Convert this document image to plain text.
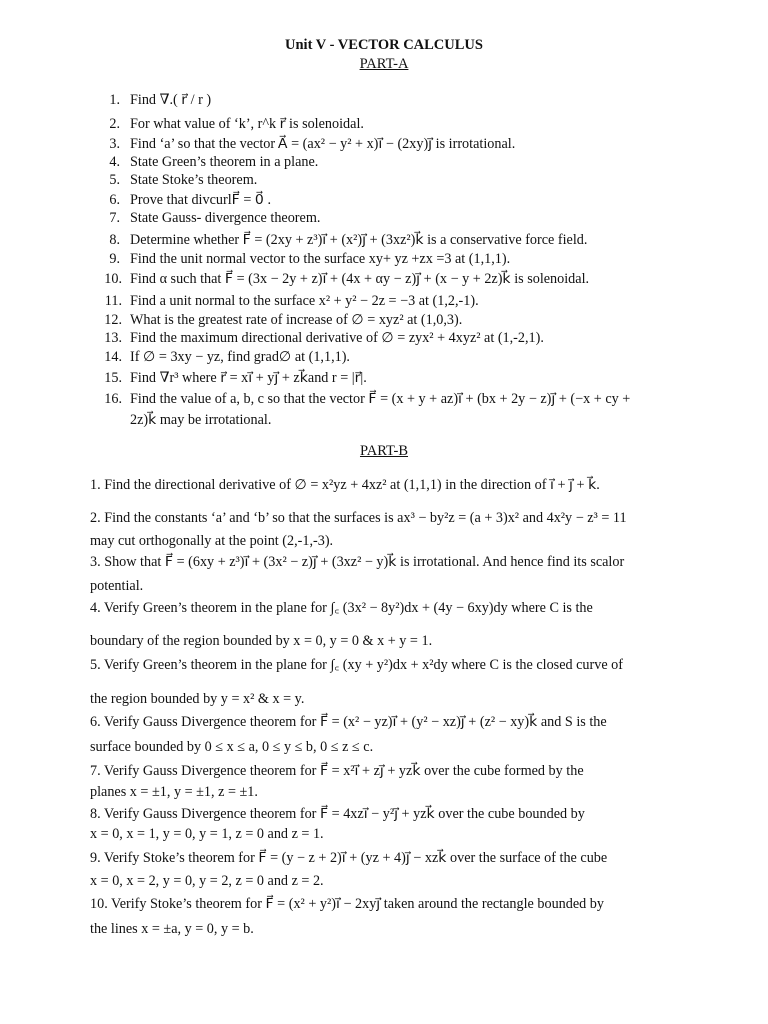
Unit V - VECTOR CALCULUS
PART-A
1. Find ∇.( r⃗ / r )
2. For what value of ‘k’, r^k r⃗ is solenoidal.
3. Find ‘a’ so that the vector A⃗ = (ax² − y² + x)i⃗ − (2xy)j⃗ is irrotational.
4. State Green’s theorem in a plane.
5. State Stoke’s theorem.
6. Prove that divcurlF⃗ = 0⃗ .
7. State Gauss- divergence theorem.
8. Determine whether F⃗ = (2xy + z³)i⃗ + (x²)j⃗ + (3xz²)k⃗ is a conservative force field.
9. Find the unit normal vector to the surface xy+ yz +zx =3 at (1,1,1).
10. Find α such that F⃗ = (3x − 2y + z)i⃗ + (4x + αy − z)j⃗ + (x − y + 2z)k⃗ is solenoidal.
11. Find a unit normal to the surface x² + y² − 2z = −3 at (1,2,-1).
12. What is the greatest rate of increase of ∅ = xyz² at (1,0,3).
13. Find the maximum directional derivative of ∅ = zyx² + 4xyz² at (1,-2,1).
14. If ∅ = 3xy − yz, find grad∅ at (1,1,1).
15. Find ∇r³ where r⃗ = xi⃗ + yj⃗ + zk⃗and r = |r⃗|.
16. Find the value of a, b, c so that the vector F⃗ = (x + y + az)i⃗ + (bx + 2y − z)j⃗ + (−x + cy +
2z)k⃗ may be irrotational.
PART-B
1. Find the directional derivative of ∅ = x²yz + 4xz² at (1,1,1) in the direction of i⃗ + j⃗ + k⃗.
2. Find the constants ‘a’ and ‘b’ so that the surfaces is ax³ − by²z = (a + 3)x² and 4x²y − z³ = 11
may cut orthogonally at the point (2,-1,-3).
3. Show that F⃗ = (6xy + z³)i⃗ + (3x² − z)j⃗ + (3xz² − y)k⃗ is irrotational. And hence find its scalor
potential.
4. Verify Green’s theorem in the plane for ∫꜀ (3x² − 8y²)dx + (4y − 6xy)dy where C is the
boundary of the region bounded by x = 0, y = 0 & x + y = 1.
5. Verify Green’s theorem in the plane for ∫꜀ (xy + y²)dx + x²dy where C is the closed curve of
the region bounded by y = x² & x = y.
6. Verify Gauss Divergence theorem for F⃗ = (x² − yz)i⃗ + (y² − xz)j⃗ + (z² − xy)k⃗ and S is the
surface bounded by 0 ≤ x ≤ a, 0 ≤ y ≤ b, 0 ≤ z ≤ c.
7. Verify Gauss Divergence theorem for F⃗ = x²i⃗ + zj⃗ + yzk⃗ over the cube formed by the
planes x = ±1, y = ±1, z = ±1.
8. Verify Gauss Divergence theorem for F⃗ = 4xzi⃗ − y²j⃗ + yzk⃗ over the cube bounded by
x = 0, x = 1, y = 0, y = 1, z = 0 and z = 1.
9. Verify Stoke’s theorem for F⃗ = (y − z + 2)i⃗ + (yz + 4)j⃗ − xzk⃗ over the surface of the cube
x = 0, x = 2, y = 0, y = 2, z = 0 and z = 2.
10. Verify Stoke’s theorem for F⃗ = (x² + y²)i⃗ − 2xyj⃗ taken around the rectangle bounded by
the lines x = ±a, y = 0, y = b.
